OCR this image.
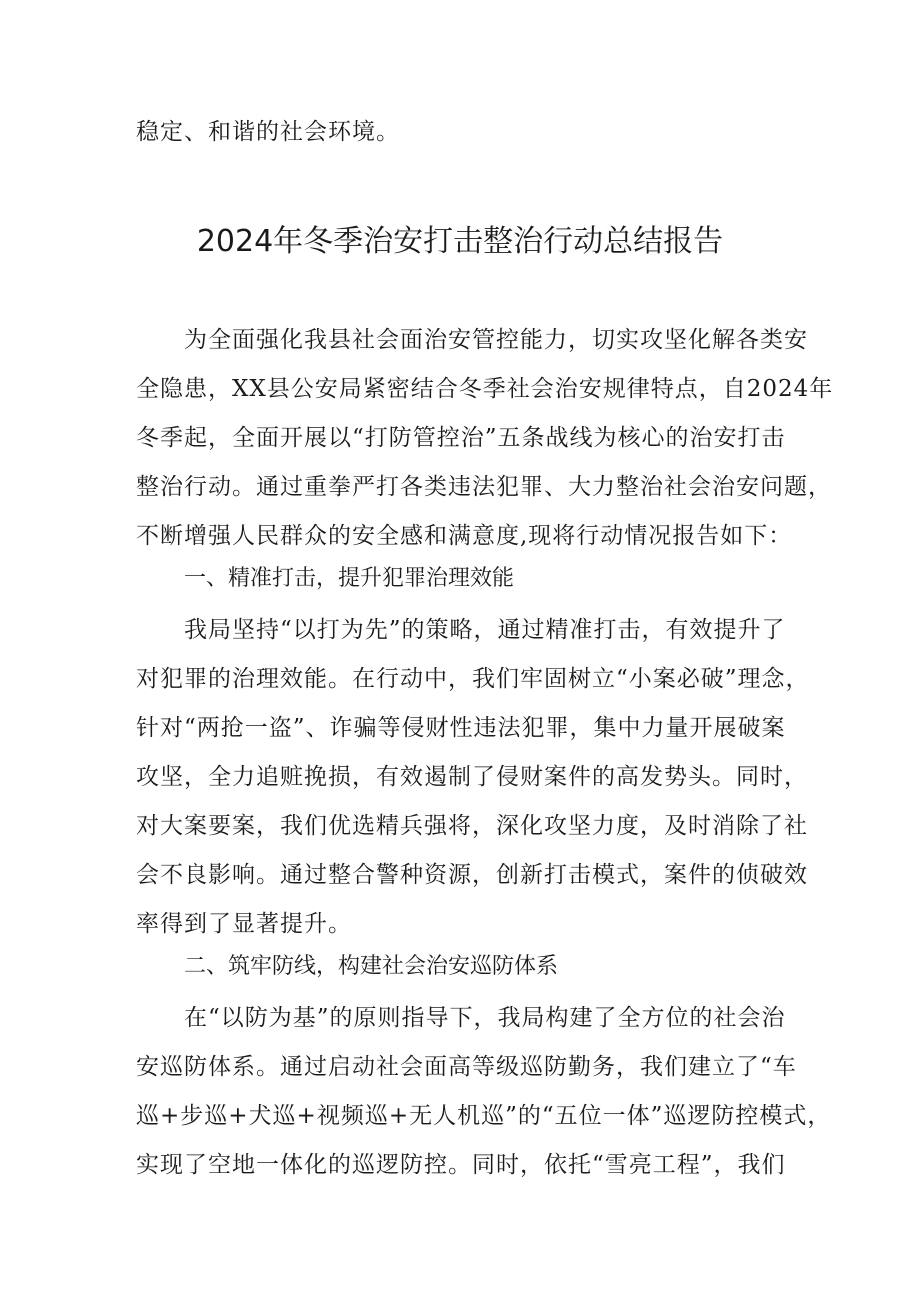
稳定、和谐的社会环境。
2024年冬季治安打击整治行动总结报告
为全面强化我县社会面治安管控能力，切实攻坚化解各类安
全隐患，XX县公安局紧密结合冬季社会治安规律特点，自2024年
冬季起，全面开展以“打防管控治”五条战线为核心的治安打击
整治行动。通过重拳严打各类违法犯罪、大力整治社会治安问题，
不断增强人民群众的安全感和满意度,现将行动情况报告如下：
一、精准打击，提升犯罪治理效能
我局坚持“以打为先”的策略，通过精准打击，有效提升了
对犯罪的治理效能。在行动中，我们牢固树立“小案必破”理念，
针对“两抢一盗”、诈骗等侵财性违法犯罪，集中力量开展破案
攻坚，全力追赃挽损，有效遏制了侵财案件的高发势头。同时，
对大案要案，我们优选精兵强将，深化攻坚力度，及时消除了社
会不良影响。通过整合警种资源，创新打击模式，案件的侦破效
率得到了显著提升。
二、筑牢防线，构建社会治安巡防体系
在“以防为基”的原则指导下，我局构建了全方位的社会治
安巡防体系。通过启动社会面高等级巡防勤务，我们建立了“车
巡+步巡+犬巡+视频巡+无人机巡”的“五位一体”巡逻防控模式，
实现了空地一体化的巡逻防控。同时，依托“雪亮工程”，我们
